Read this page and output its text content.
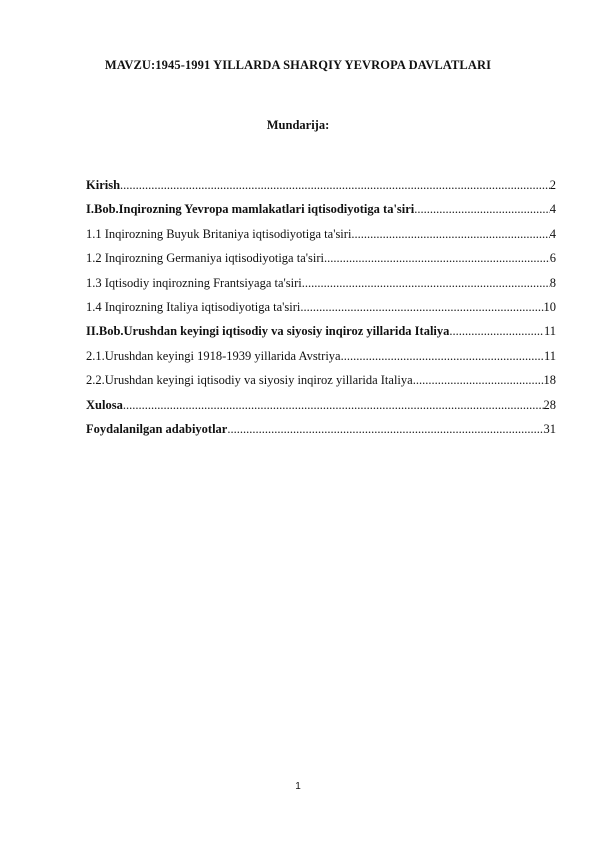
MAVZU:1945-1991 YILLARDA SHARQIY YEVROPA DAVLATLARI
Mundarija:
Kirish .....	2
I.Bob.Inqirozning Yevropa mamlakatlari iqtisodiyotiga ta'siri .....	4
1.1 Inqirozning Buyuk Britaniya iqtisodiyotiga ta'siri .....	4
1.2 Inqirozning Germaniya iqtisodiyotiga ta'siri .....	6
1.3 Iqtisodiy inqirozning Frantsiyaga ta'siri .....	8
1.4 Inqirozning Italiya iqtisodiyotiga ta'siri .....	10
II.Bob.Urushdan keyingi iqtisodiy va siyosiy inqiroz yillarida Italiya .....	11
2.1.Urushdan keyingi 1918-1939 yillarida Avstriya .....	11
2.2.Urushdan keyingi iqtisodiy va siyosiy inqiroz yillarida Italiya .....	18
Xulosa .....	28
Foydalanilgan adabiyotlar .....	31

1
